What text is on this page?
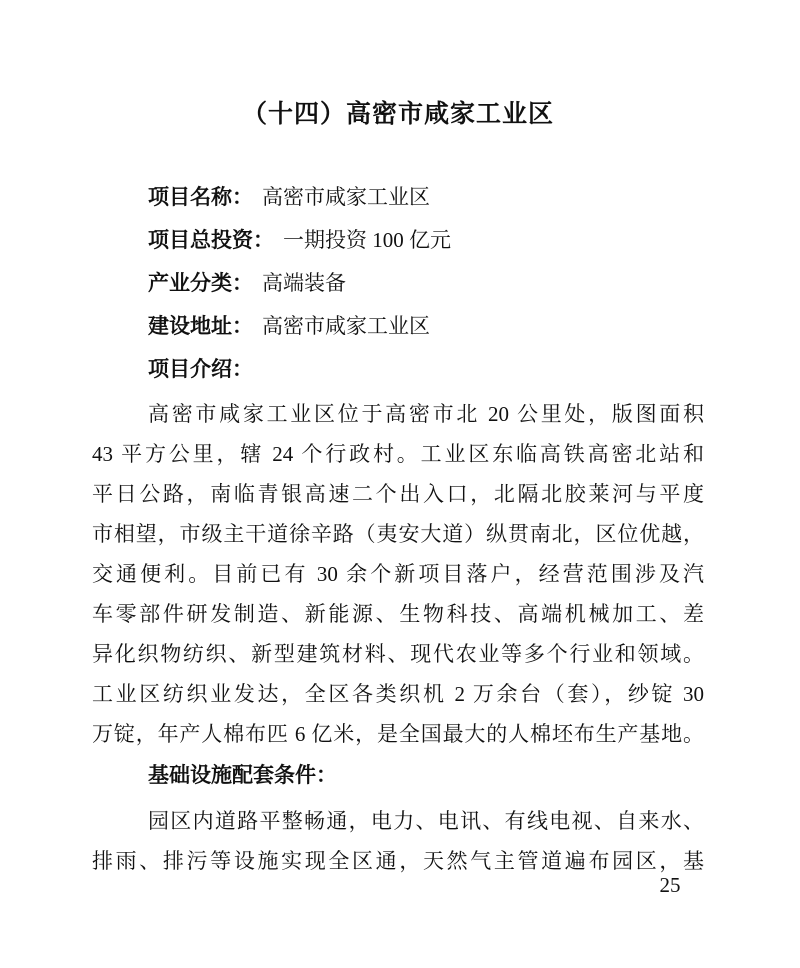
（十四）高密市咸家工业区
项目名称： 高密市咸家工业区
项目总投资： 一期投资 100 亿元
产业分类： 高端装备
建设地址： 高密市咸家工业区
项目介绍：
高密市咸家工业区位于高密市北 20 公里处，版图面积
43 平方公里，辖 24 个行政村。工业区东临高铁高密北站和
平日公路，南临青银高速二个出入口，北隔北胶莱河与平度
市相望，市级主干道徐辛路（夷安大道）纵贯南北，区位优越，
交通便利。目前已有 30 余个新项目落户，经营范围涉及汽
车零部件研发制造、新能源、生物科技、高端机械加工、差
异化织物纺织、新型建筑材料、现代农业等多个行业和领域。
工业区纺织业发达，全区各类织机 2 万余台（套），纱锭 30
万锭，年产人棉布匹 6 亿米，是全国最大的人棉坯布生产基地。
基础设施配套条件：
园区内道路平整畅通，电力、电讯、有线电视、自来水、
排雨、排污等设施实现全区通，天然气主管道遍布园区，基
25
